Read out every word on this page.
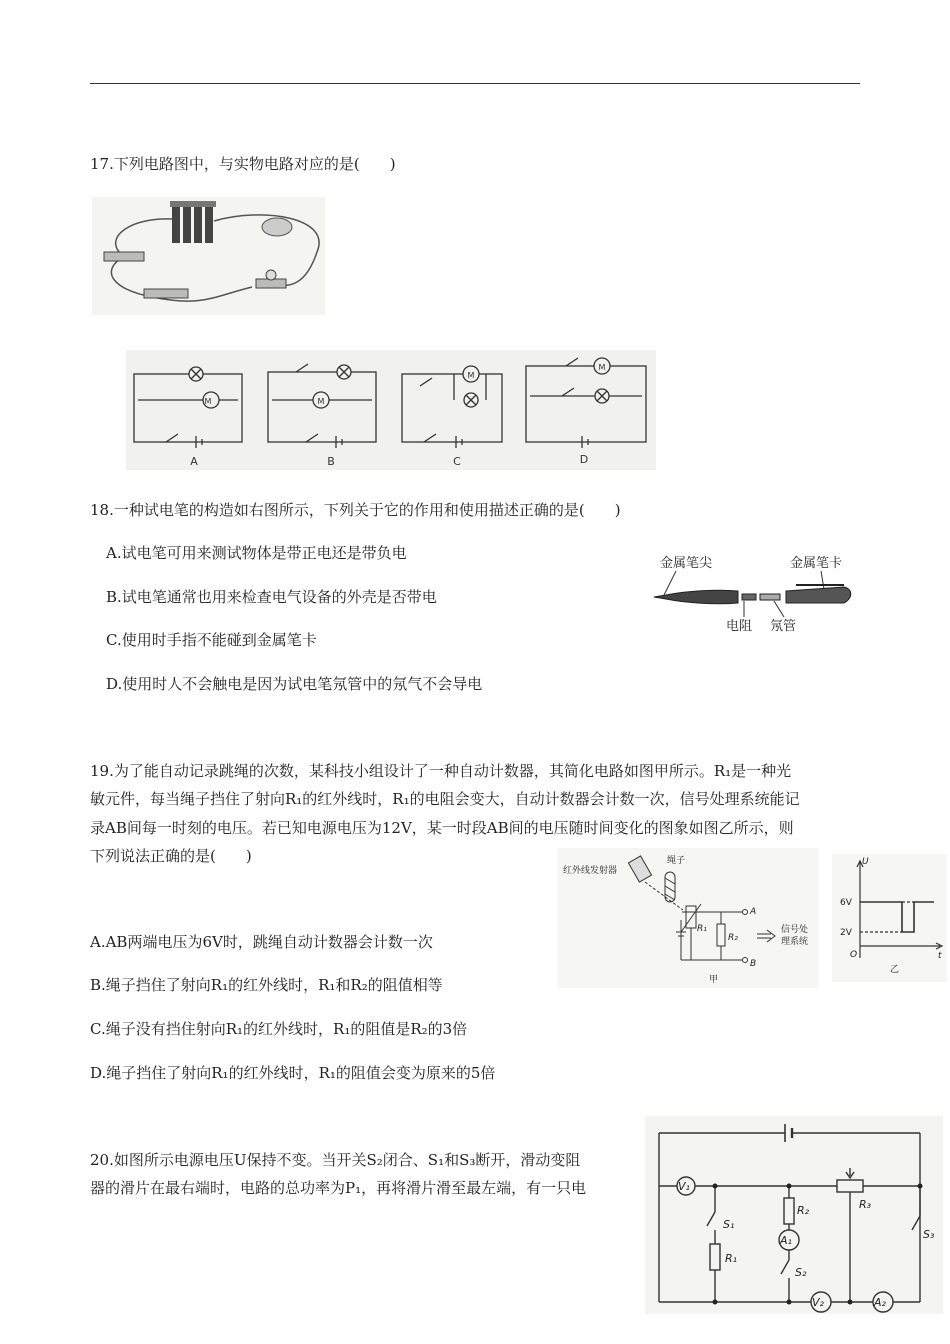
17.下列电路图中，与实物电路对应的是(　　)
M	M
M
M
A	B	C	D
18.一种试电笔的构造如右图所示，下列关于它的作用和使用描述正确的是(　　)
A.试电笔可用来测试物体是带正电还是带负电
B.试电笔通常也用来检查电气设备的外壳是否带电
C.使用时手指不能碰到金属笔卡
D.使用时人不会触电是因为试电笔氖管中的氖气不会导电
金属笔尖	金属笔卡
电阻 氖管
19.为了能自动记录跳绳的次数，某科技小组设计了一种自动计数器，其简化电路如图甲所示。R₁是一种光
敏元件，每当绳子挡住了射向R₁的红外线时，R₁的电阻会变大，自动计数器会计数一次，信号处理系统能记
录AB间每一时刻的电压。若已知电源电压为12V，某一时段AB间的电压随时间变化的图象如图乙所示，则
下列说法正确的是(　　)
A.AB两端电压为6V时，跳绳自动计数器会计数一次
B.绳子挡住了射向R₁的红外线时，R₁和R₂的阻值相等
C.绳子没有挡住射向R₁的红外线时，R₁的阻值是R₂的3倍
D.绳子挡住了射向R₁的红外线时，R₁的阻值会变为原来的5倍
红外线发射器
绳子
R₁
R₂
A
B
信号处
理系统
甲
U
t
O
6V
2V
乙
20.如图所示电源电压U保持不变。当开关S₂闭合、S₁和S₃断开，滑动变阻
器的滑片在最右端时，电路的总功率为P₁，再将滑片滑至最左端，有一只电	V₁
A₁
V₂	A₂
S₁
S₂
S₃
R₁
R₂	R₃
